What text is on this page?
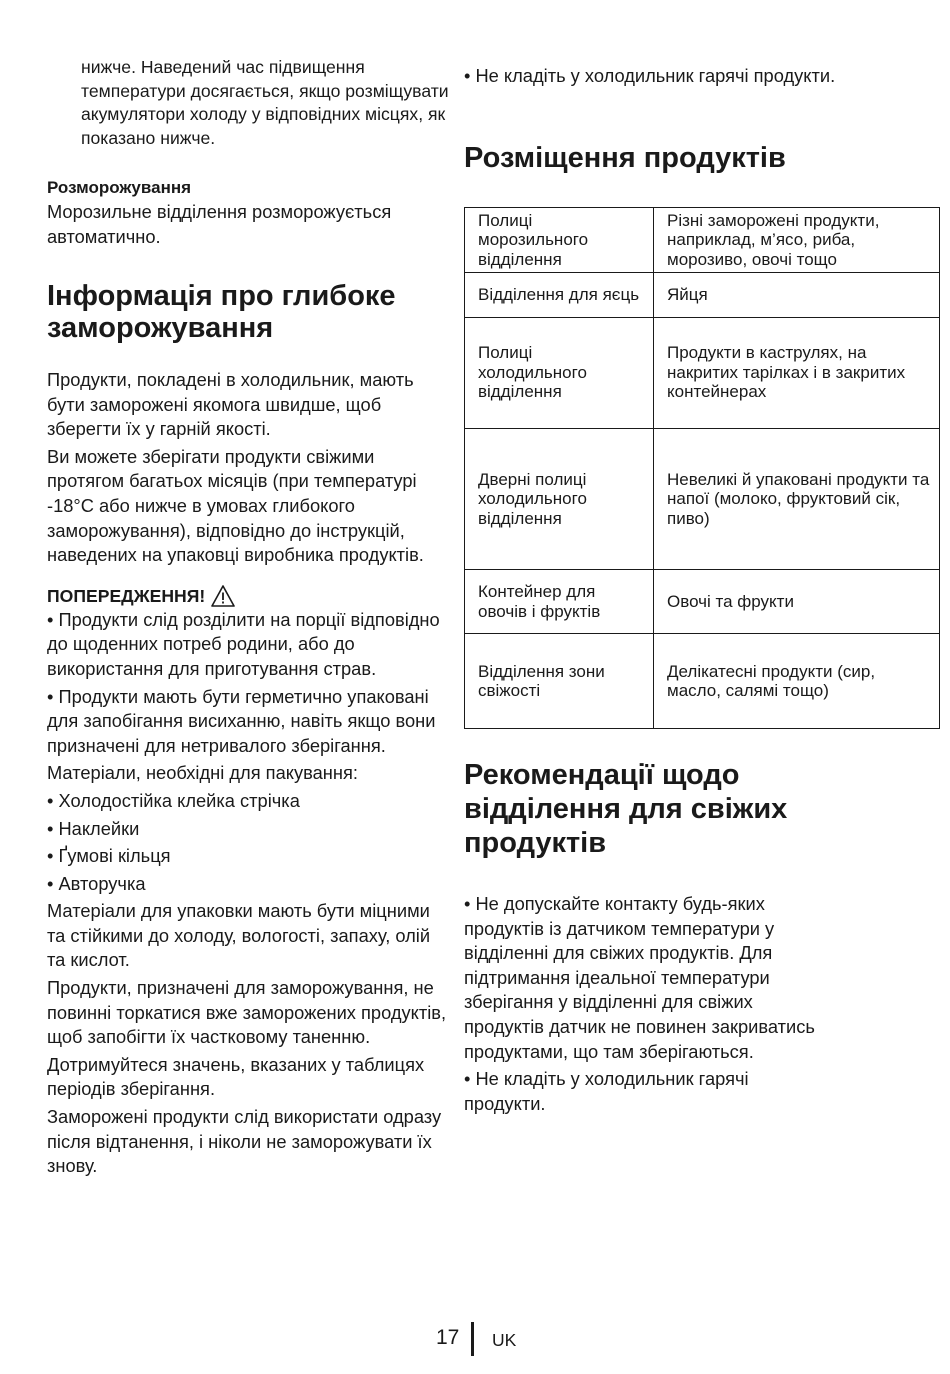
нижче. Наведений час підвищення температури досягається, якщо розміщувати акумулятори холоду у відповідних місцях, як показано нижче.

Розморожування

Морозильне відділення розморожується автоматично.

Інформація про глибоке заморожування

Продукти, покладені в холодильник, мають бути заморожені якомога швидше, щоб зберегти їх у гарній якості.

Ви можете зберігати продукти свіжими протягом багатьох місяців (при температурі -18°C або нижче в умовах глибокого заморожування), відповідно до інструкцій, наведених на упаковці виробника продуктів.

ПОПЕРЕДЖЕННЯ!

• Продукти слід розділити на порції відповідно до щоденних потреб родини, або до використання для приготування страв.

• Продукти мають бути герметично упаковані для запобігання висиханню, навіть якщо вони призначені для нетривалого зберігання.

Матеріали, необхідні для пакування:

• Холодостійка клейка стрічка

• Наклейки

• Ґумові кільця

• Авторучка

Матеріали для упаковки мають бути міцними та стійкими до холоду, вологості, запаху, олій та кислот.

Продукти, призначені для заморожування, не повинні торкатися вже заморожених продуктів, щоб запобігти їх частковому таненню.

Дотримуйтеся значень, вказаних у таблицях періодів зберігання.

Заморожені продукти слід використати одразу після відтанення, і ніколи не заморожувати їх знову.

• Не кладіть у холодильник гарячі продукти.

Розміщення продуктів
Полиці морозильного відділення	Різні заморожені продукти, наприклад, м’ясо, риба, морозиво, овочі тощо
Відділення для яєць	Яйця
Полиці холодильного відділення	Продукти в каструлях, на накритих тарілках і в закритих контейнерах
Дверні полиці холодильного відділення	Невеликі й упаковані продукти та напої (молоко, фруктовий сік, пиво)
Контейнер для овочів і фруктів	Овочі та фрукти
Відділення зони свіжості	Делікатесні продукти (сир, масло, салямі тощо)
Рекомендації щодо відділення для свіжих продуктів

• Не допускайте контакту будь-яких продуктів із датчиком температури у відділенні для свіжих продуктів. Для підтримання ідеальної температури зберігання у відділенні для свіжих продуктів датчик не повинен закриватись продуктами, що там зберігаються.

• Не кладіть у холодильник гарячі продукти.

17 UK
